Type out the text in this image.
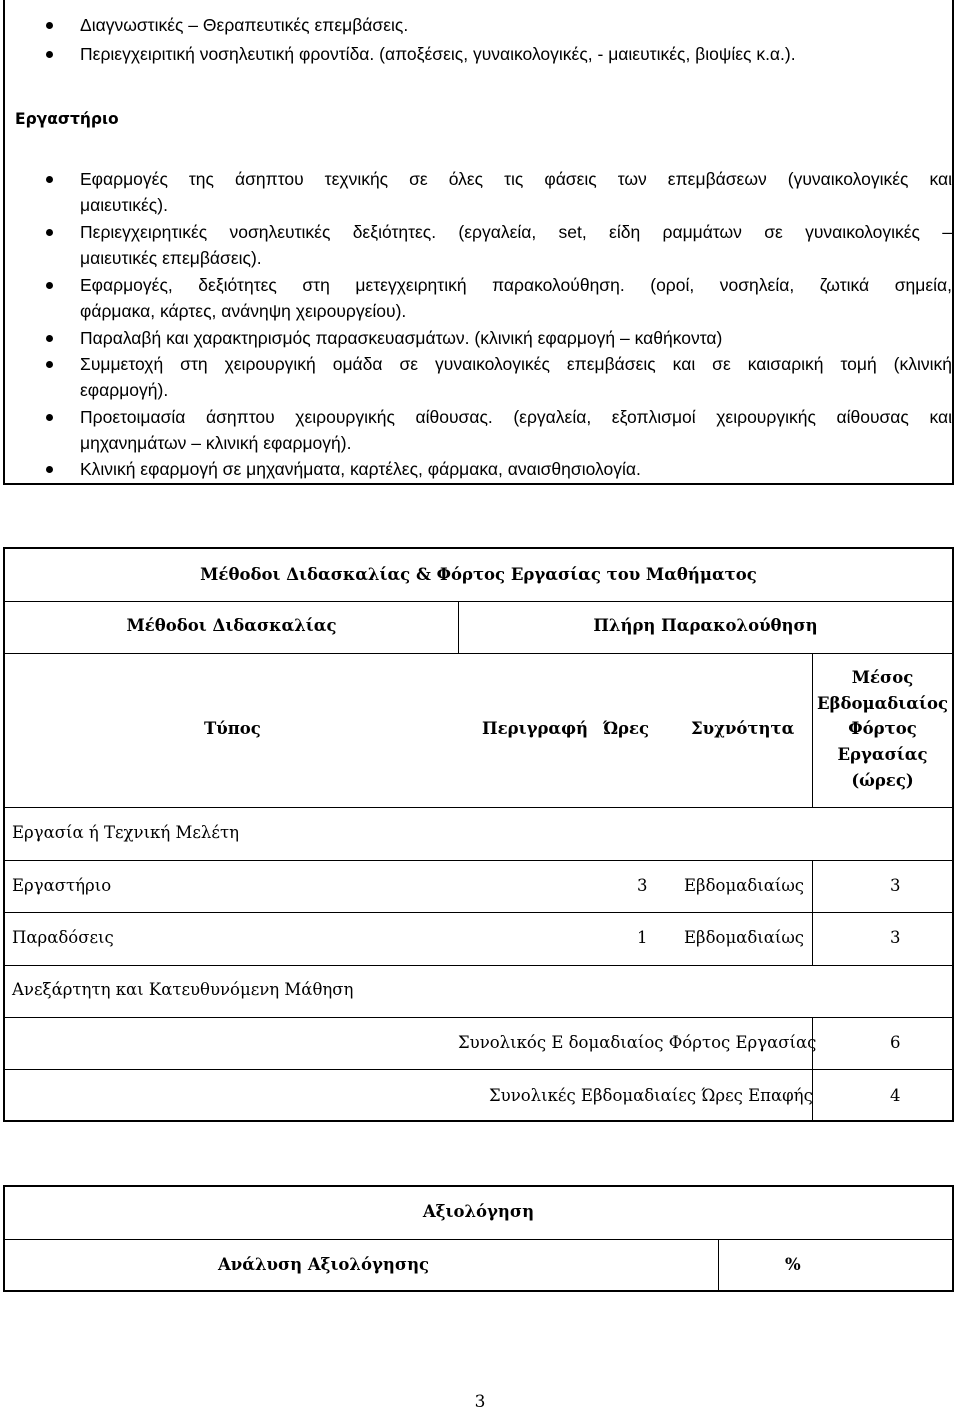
Διαγνωστικές – Θεραπευτικές επεμβάσεις.
Περιεγχειριτική νοσηλευτική φροντίδα. (αποξέσεις, γυναικολογικές, - μαιευτικές, βιοψίες κ.α.).
Εργαστήριο
Εφαρμογές της άσηπτου τεχνικής σε όλες τις φάσεις των επεμβάσεων (γυναικολογικές και
μαιευτικές).
Περιεγχειρητικές νοσηλευτικές δεξιότητες. (εργαλεία, set, είδη ραμμάτων σε γυναικολογικές –
μαιευτικές επεμβάσεις).
Εφαρμογές, δεξιότητες στη μετεγχειρητική παρακολούθηση. (οροί, νοσηλεία, ζωτικά σημεία,
φάρμακα, κάρτες, ανάνηψη χειρουργείου).
Παραλαβή και χαρακτηρισμός παρασκευασμάτων. (κλινική εφαρμογή – καθήκοντα)
Συμμετοχή στη χειρουργική ομάδα σε γυναικολογικές επεμβάσεις και σε καισαρική τομή (κλινική
εφαρμογή).
Προετοιμασία άσηπτου χειρουργικής αίθουσας. (εργαλεία, εξοπλισμοί χειρουργικής αίθουσας και
μηχανημάτων – κλινική εφαρμογή).
Κλινική εφαρμογή σε μηχανήματα, καρτέλες, φάρμακα, αναισθησιολογία.
Μέθοδοι Διδασκαλίας & Φόρτος Εργασίας του Μαθήματος
Μέθοδοι Διδασκαλίας	Πλήρη Παρακολούθηση
Τύπος	Περιγραφή Ώρες	Συχνότητα
Μέσος
Εβδομαδιαίος
Φόρτος
Εργασίας
(ώρες)
Εργασία ή Τεχνική Μελέτη
Εργαστήριο	3 Εβδομαδιαίως	3
Παραδόσεις	1 Εβδομαδιαίως	3
Ανεξάρτητη και Κατευθυνόμενη Μάθηση
Συνολικός Ε δομαδιαίος Φόρτος Εργασίας	6
Συνολικές Εβδομαδιαίες Ώρες Επαφής	4
Αξιολόγηση
Ανάλυση Αξιολόγησης	%
3
